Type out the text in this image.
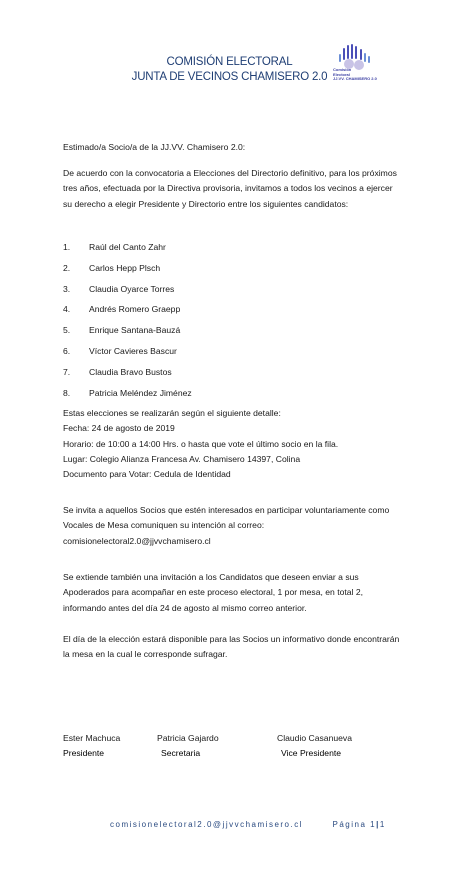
COMISIÓN ELECTORAL
JUNTA DE VECINOS CHAMISERO 2.0
Comisión
Electoral
JJ.VV. CHAMISERO 2.0
Estimado/a Socio/a de la JJ.VV. Chamisero 2.0:
De acuerdo con la convocatoria a Elecciones del Directorio definitivo, para los próximos tres años, efectuada por la Directiva provisoria, invitamos a todos los vecinos a ejercer su derecho a elegir Presidente y Directorio entre los siguientes candidatos:
1.	Raúl del Canto Zahr
2.	Carlos Hepp Plsch
3.	Claudia Oyarce Torres
4.	Andrés Romero Graepp
5.	Enrique Santana-Bauzá
6.	Víctor Cavieres Bascur
7.	Claudia Bravo Bustos
8.	Patricia Meléndez Jiménez
Estas elecciones se realizarán según el siguiente detalle:
Fecha: 24 de agosto de 2019
Horario: de 10:00 a 14:00 Hrs. o hasta que vote el último socio en la fila.
Lugar: Colegio Alianza Francesa Av. Chamisero 14397, Colina
Documento para Votar: Cedula de Identidad
Se invita a aquellos Socios que estén interesados en participar voluntariamente como Vocales de Mesa comuniquen su intención al correo:
comisionelectoral2.0@jjvvchamisero.cl
Se extiende también una invitación a los Candidatos que deseen enviar a sus Apoderados para acompañar en este proceso electoral, 1 por mesa, en total 2, informando antes del día 24 de agosto al mismo correo anterior.
El día de la elección estará disponible para las Socios un informativo donde encontrarán la mesa en la cual le corresponde sufragar.
Ester Machuca
Presidente
Patricia Gajardo
Secretaria
Claudio Casanueva
Vice Presidente
comisionelectoral2.0@jjvvchamisero.cl	Página 1|1
